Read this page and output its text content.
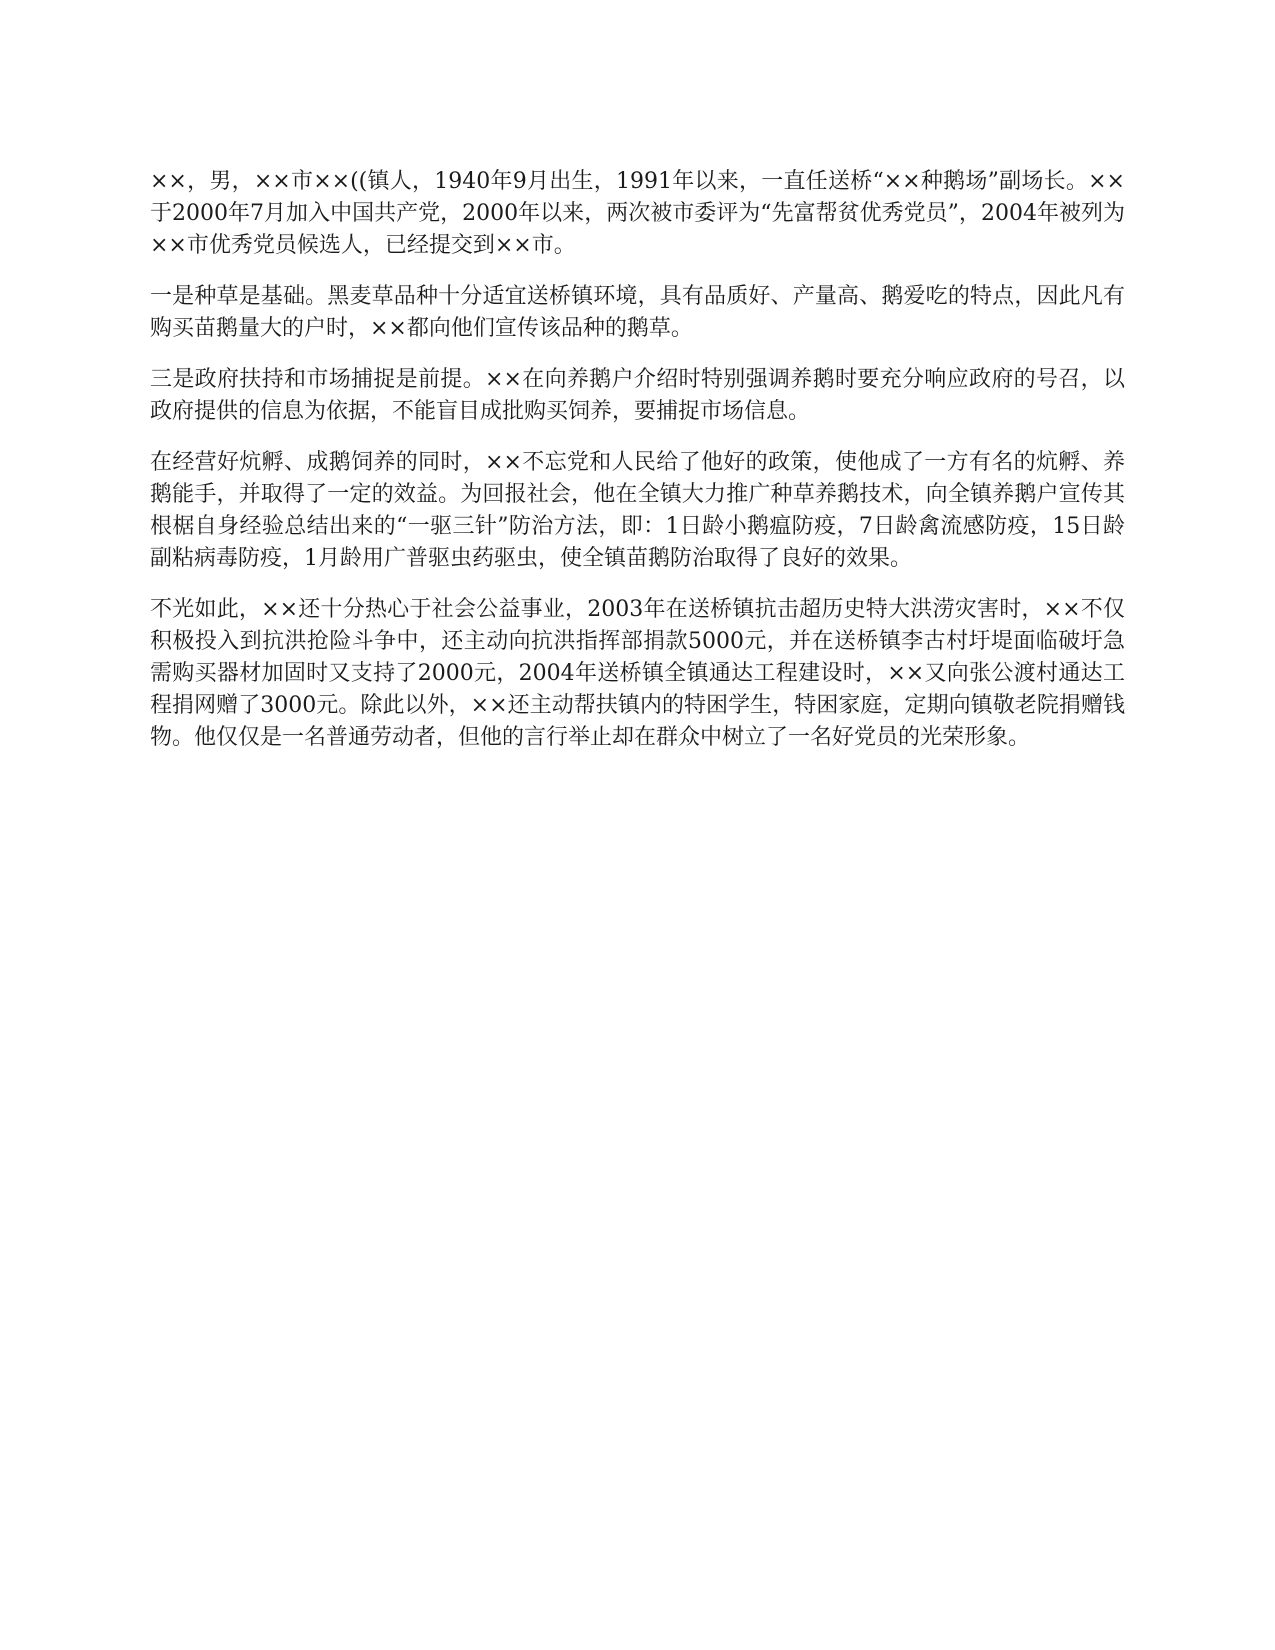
××，男，××市××((镇人，1940年9月出生，1991年以来，一直任送桥“××种鹅场”副场长。××于2000年7月加入中国共产党，2000年以来，两次被市委评为“先富帮贫优秀党员”，2004年被列为××市优秀党员候选人，已经提交到××市。

一是种草是基础。黑麦草品种十分适宜送桥镇环境，具有品质好、产量高、鹅爱吃的特点，因此凡有购买苗鹅量大的户时，××都向他们宣传该品种的鹅草。

三是政府扶持和市场捕捉是前提。××在向养鹅户介绍时特别强调养鹅时要充分响应政府的号召，以政府提供的信息为依据，不能盲目成批购买饲养，要捕捉市场信息。

在经营好炕孵、成鹅饲养的同时，××不忘党和人民给了他好的政策，使他成了一方有名的炕孵、养鹅能手，并取得了一定的效益。为回报社会，他在全镇大力推广种草养鹅技术，向全镇养鹅户宣传其根椐自身经验总结出来的“一驱三针”防治方法，即：1日龄小鹅瘟防疫，7日龄禽流感防疫，15日龄副粘病毒防疫，1月龄用广普驱虫药驱虫，使全镇苗鹅防治取得了良好的效果。

不光如此，××还十分热心于社会公益事业，2003年在送桥镇抗击超历史特大洪涝灾害时，××不仅积极投入到抗洪抢险斗争中，还主动向抗洪指挥部捐款5000元，并在送桥镇李古村圩堤面临破圩急需购买器材加固时又支持了2000元，2004年送桥镇全镇通达工程建设时，××又向张公渡村通达工程捐网赠了3000元。除此以外，××还主动帮扶镇内的特困学生，特困家庭，定期向镇敬老院捐赠钱物。他仅仅是一名普通劳动者，但他的言行举止却在群众中树立了一名好党员的光荣形象。
